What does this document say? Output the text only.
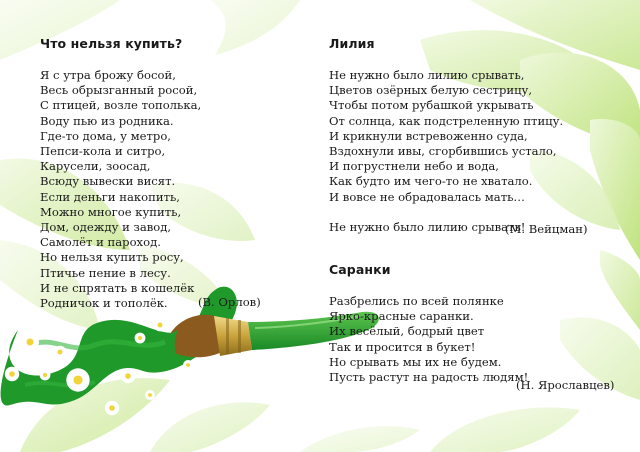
Что нельзя купить?
Я с утра брожу босой,
Весь обрызганный росой,
С птицей, возле тополька,
Воду пью из родника.
Где-то дома, у метро,
Пепси-кола и ситро,
Карусели, зоосад,
Всюду вывески висят.
Если деньги накопить,
Можно многое купить,
Дом, одежду и завод,
Самолёт и пароход.
Но нельзя купить росу,
Птичье пение в лесу.
И не спрятать в кошелёк
Родничок и тополёк.	(В. Орлов)
Лилия
Не нужно было лилию срывать,
Цветов озёрных белую сестрицу,
Чтобы потом рубашкой укрывать
От солнца, как подстреленную птицу.
И крикнули встревоженно суда,
Вздохнули ивы, сгорбившись устало,
И погрустнели небо и вода,
Как будто им чего-то не хватало.
И вовсе не обрадовалась мать…
Не нужно было лилию срывать!
(М. Вейцман)
Саранки
Разбрелись по всей полянке
Ярко-красные саранки.
Их весёлый, бодрый цвет
Так и просится в букет!
Но срывать мы их не будем.
Пусть растут на радость людям!
(Н. Ярославцев)
